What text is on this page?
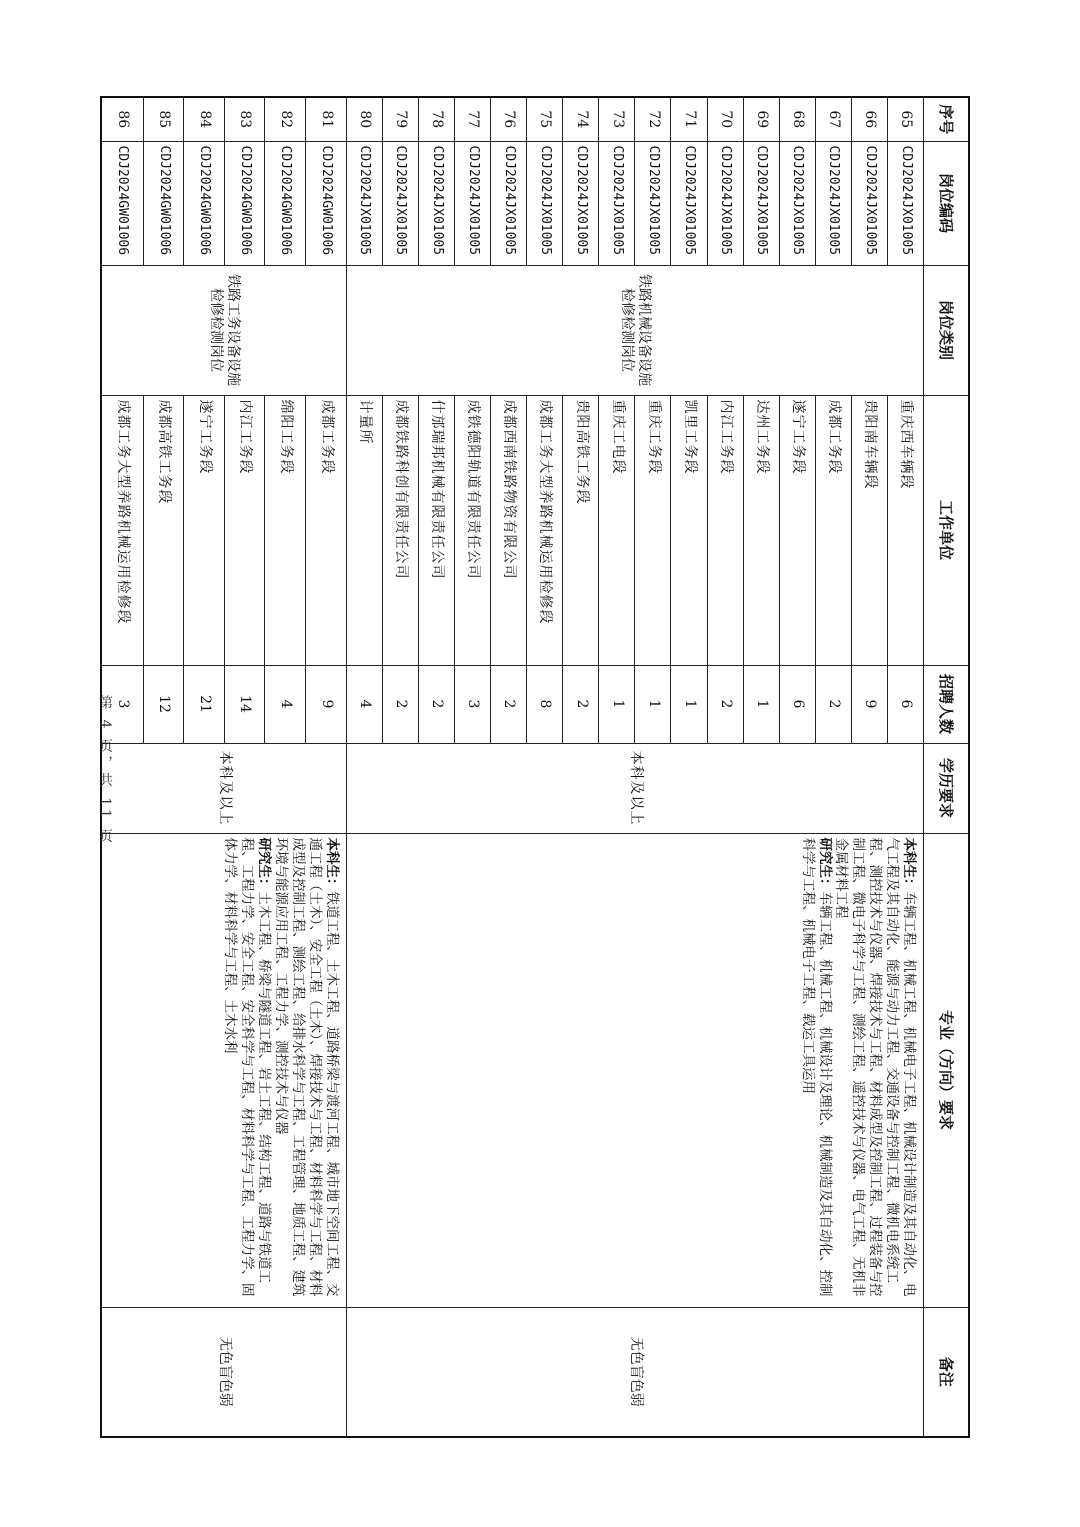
序号	岗位编码	岗位类别	工作单位	招聘人数	学历要求	专业（方向）要求	备注
65	CDJ2024JX01005	铁路机械设备设施检修检测岗位	重庆西车辆段	6	本科及以上	本科生：车辆工程、机械工程、机械电子工程、机械设计制造及其自动化、电气工程及其自动化、能源与动力工程、交通设备与控制工程、微机电系统工程、测控技术与仪器、焊接技术与工程、材料成型及控制工程、过程装备与控制工程、微电子科学与工程、测绘工程、遥控技术与仪器、电气工程、无机非金属材料工程
研究生：车辆工程、机械工程、机械设计及理论、机械制造及其自动化、控制科学与工程、机械电子工程、载运工具运用	无色盲色弱
66	CDJ2024JX01005		贵阳南车辆段	9			
67	CDJ2024JX01005		成都工务段	2			
68	CDJ2024JX01005		遂宁工务段	6			
69	CDJ2024JX01005		达州工务段	1			
70	CDJ2024JX01005		内江工务段	2			
71	CDJ2024JX01005		凯里工务段	1			
72	CDJ2024JX01005		重庆工务段	1			
73	CDJ2024JX01005		重庆工电段	1			
74	CDJ2024JX01005		贵阳高铁工务段	2			
75	CDJ2024JX01005		成都工务大型养路机械运用检修段	8			
76	CDJ2024JX01005		成都西南铁路物资有限公司	2			
77	CDJ2024JX01005		成铁德阳轨道有限责任公司	3			
78	CDJ2024JX01005		什邡瑞邦机械有限责任公司	2			
79	CDJ2024JX01005		成都铁路科创有限责任公司	2			
80	CDJ2024JX01005		计量所	4			
81	CDJ2024GW01006	铁路工务设备设施检修检测岗位	成都工务段	9	本科及以上	本科生：铁道工程、土木工程、道路桥梁与渡河工程、城市地下空间工程、交通工程（土木）、安全工程（土木）、焊接技术与工程、材料科学与工程、材料成型及控制工程、测绘工程、给排水科学与工程、工程管理、地质工程、建筑环境与能源应用工程、工程力学、测控技术与仪器
研究生：土木工程、桥梁与隧道工程、岩土工程、结构工程、道路与铁道工程、工程力学、安全工程、安全科学与工程、材料科学与工程、工程力学、固体力学、材料科学与工程、土木水利	无色盲色弱
82	CDJ2024GW01006		绵阳工务段	4			
83	CDJ2024GW01006		内江工务段	14			
84	CDJ2024GW01006		遂宁工务段	21			
85	CDJ2024GW01006		成都高铁工务段	12			
86	CDJ2024GW01006		成都工务大型养路机械运用检修段	3			
第 4 页，共 11 页
